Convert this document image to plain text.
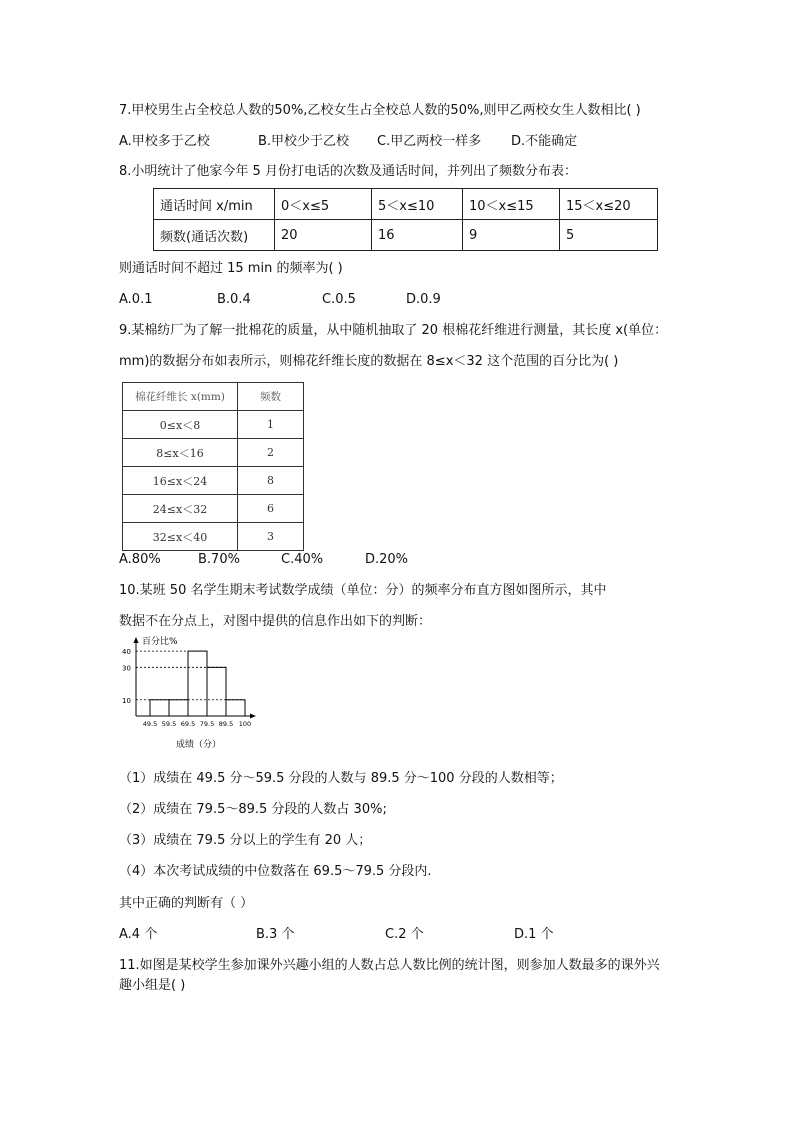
7.甲校男生占全校总人数的50%,乙校女生占全校总人数的50%,则甲乙两校女生人数相比( )
A.甲校多于乙校	B.甲校少于乙校 C.甲乙两校一样多 D.不能确定
8.小明统计了他家今年 5 月份打电话的次数及通话时间，并列出了频数分布表：
通话时间 x/min	0＜x≤5	5＜x≤10	10＜x≤15	15＜x≤20
频数(通话次数)	20	16	9	5
则通话时间不超过 15 min 的频率为( )
A.0.1	B.0.4	C.0.5	D.0.9
9.某棉纺厂为了解一批棉花的质量，从中随机抽取了 20 根棉花纤维进行测量，其长度 x(单位：
mm)的数据分布如表所示，则棉花纤维长度的数据在 8≤x＜32 这个范围的百分比为( )
棉花纤维长 x(mm)	频数
0≤x＜8	1
8≤x＜16	2
16≤x＜24	8
24≤x＜32	6
32≤x＜40	3
A.80%	B.70%	C.40%	D.20%
10.某班 50 名学生期末考试数学成绩（单位：分）的频率分布直方图如图所示，其中
数据不在分点上，对图中提供的信息作出如下的判断：
百分比%
10
30
40
49.5 59.5 69.5 79.5 89.5 100
成绩（分）
（1）成绩在 49.5 分～59.5 分段的人数与 89.5 分～100 分段的人数相等；
（2）成绩在 79.5～89.5 分段的人数占 30%;
（3）成绩在 79.5 分以上的学生有 20 人；
（4）本次考试成绩的中位数落在 69.5～79.5 分段内.
其中正确的判断有（ ）
A.4 个	B.3 个	C.2 个	D.1 个
11.如图是某校学生参加课外兴趣小组的人数占总人数比例的统计图，则参加人数最多的课外兴
趣小组是( )
